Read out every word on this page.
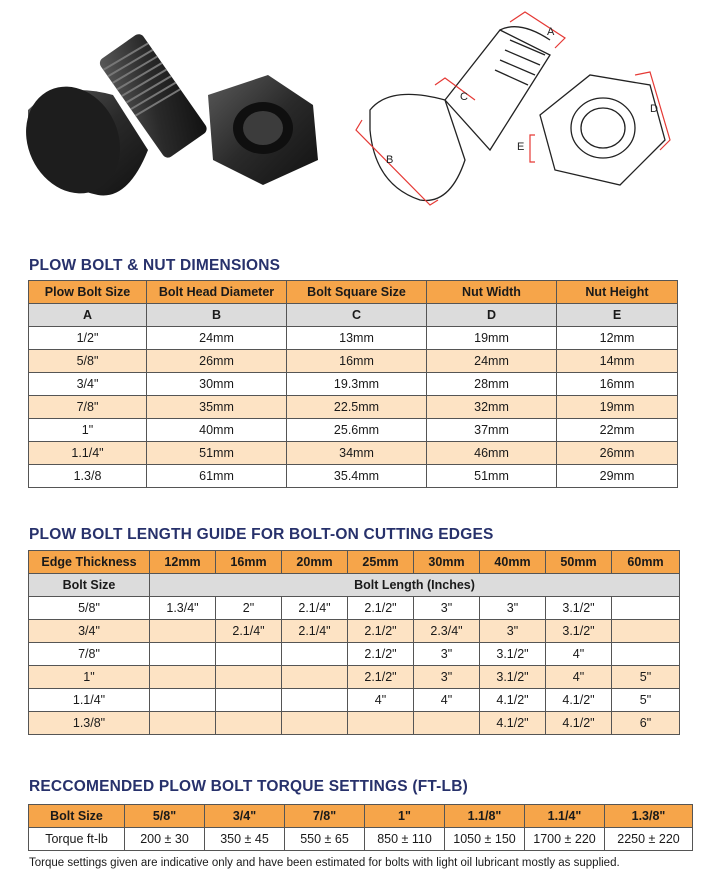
A
C
B
D
E
PLOW BOLT & NUT DIMENSIONS
Plow Bolt Size	Bolt Head Diameter	Bolt Square Size	Nut Width	Nut Height
A	B	C	D	E
1/2"	24mm	13mm	19mm	12mm
5/8"	26mm	16mm	24mm	14mm
3/4"	30mm	19.3mm	28mm	16mm
7/8"	35mm	22.5mm	32mm	19mm
1"	40mm	25.6mm	37mm	22mm
1.1/4"	51mm	34mm	46mm	26mm
1.3/8	61mm	35.4mm	51mm	29mm
PLOW BOLT LENGTH GUIDE FOR BOLT-ON CUTTING EDGES
Edge Thickness	12mm	16mm	20mm	25mm	30mm	40mm	50mm	60mm
Bolt Size	Bolt Length (Inches)							
5/8"	1.3/4"	2"	2.1/4"	2.1/2"	3"	3"	3.1/2"	
3/4"		2.1/4"	2.1/4"	2.1/2"	2.3/4"	3"	3.1/2"	
7/8"				2.1/2"	3"	3.1/2"	4"	
1"				2.1/2"	3"	3.1/2"	4"	5"
1.1/4"				4"	4"	4.1/2"	4.1/2"	5"
1.3/8"						4.1/2"	4.1/2"	6"
RECCOMENDED PLOW BOLT TORQUE SETTINGS (FT-LB)
Bolt Size	5/8"	3/4"	7/8"	1"	1.1/8"	1.1/4"	1.3/8"
Torque ft-lb	200 ± 30	350 ± 45	550 ± 65	850 ± 110	1050 ± 150	1700 ± 220	2250 ± 220
Torque settings given are indicative only and have been estimated for bolts with light oil lubricant mostly as supplied.
